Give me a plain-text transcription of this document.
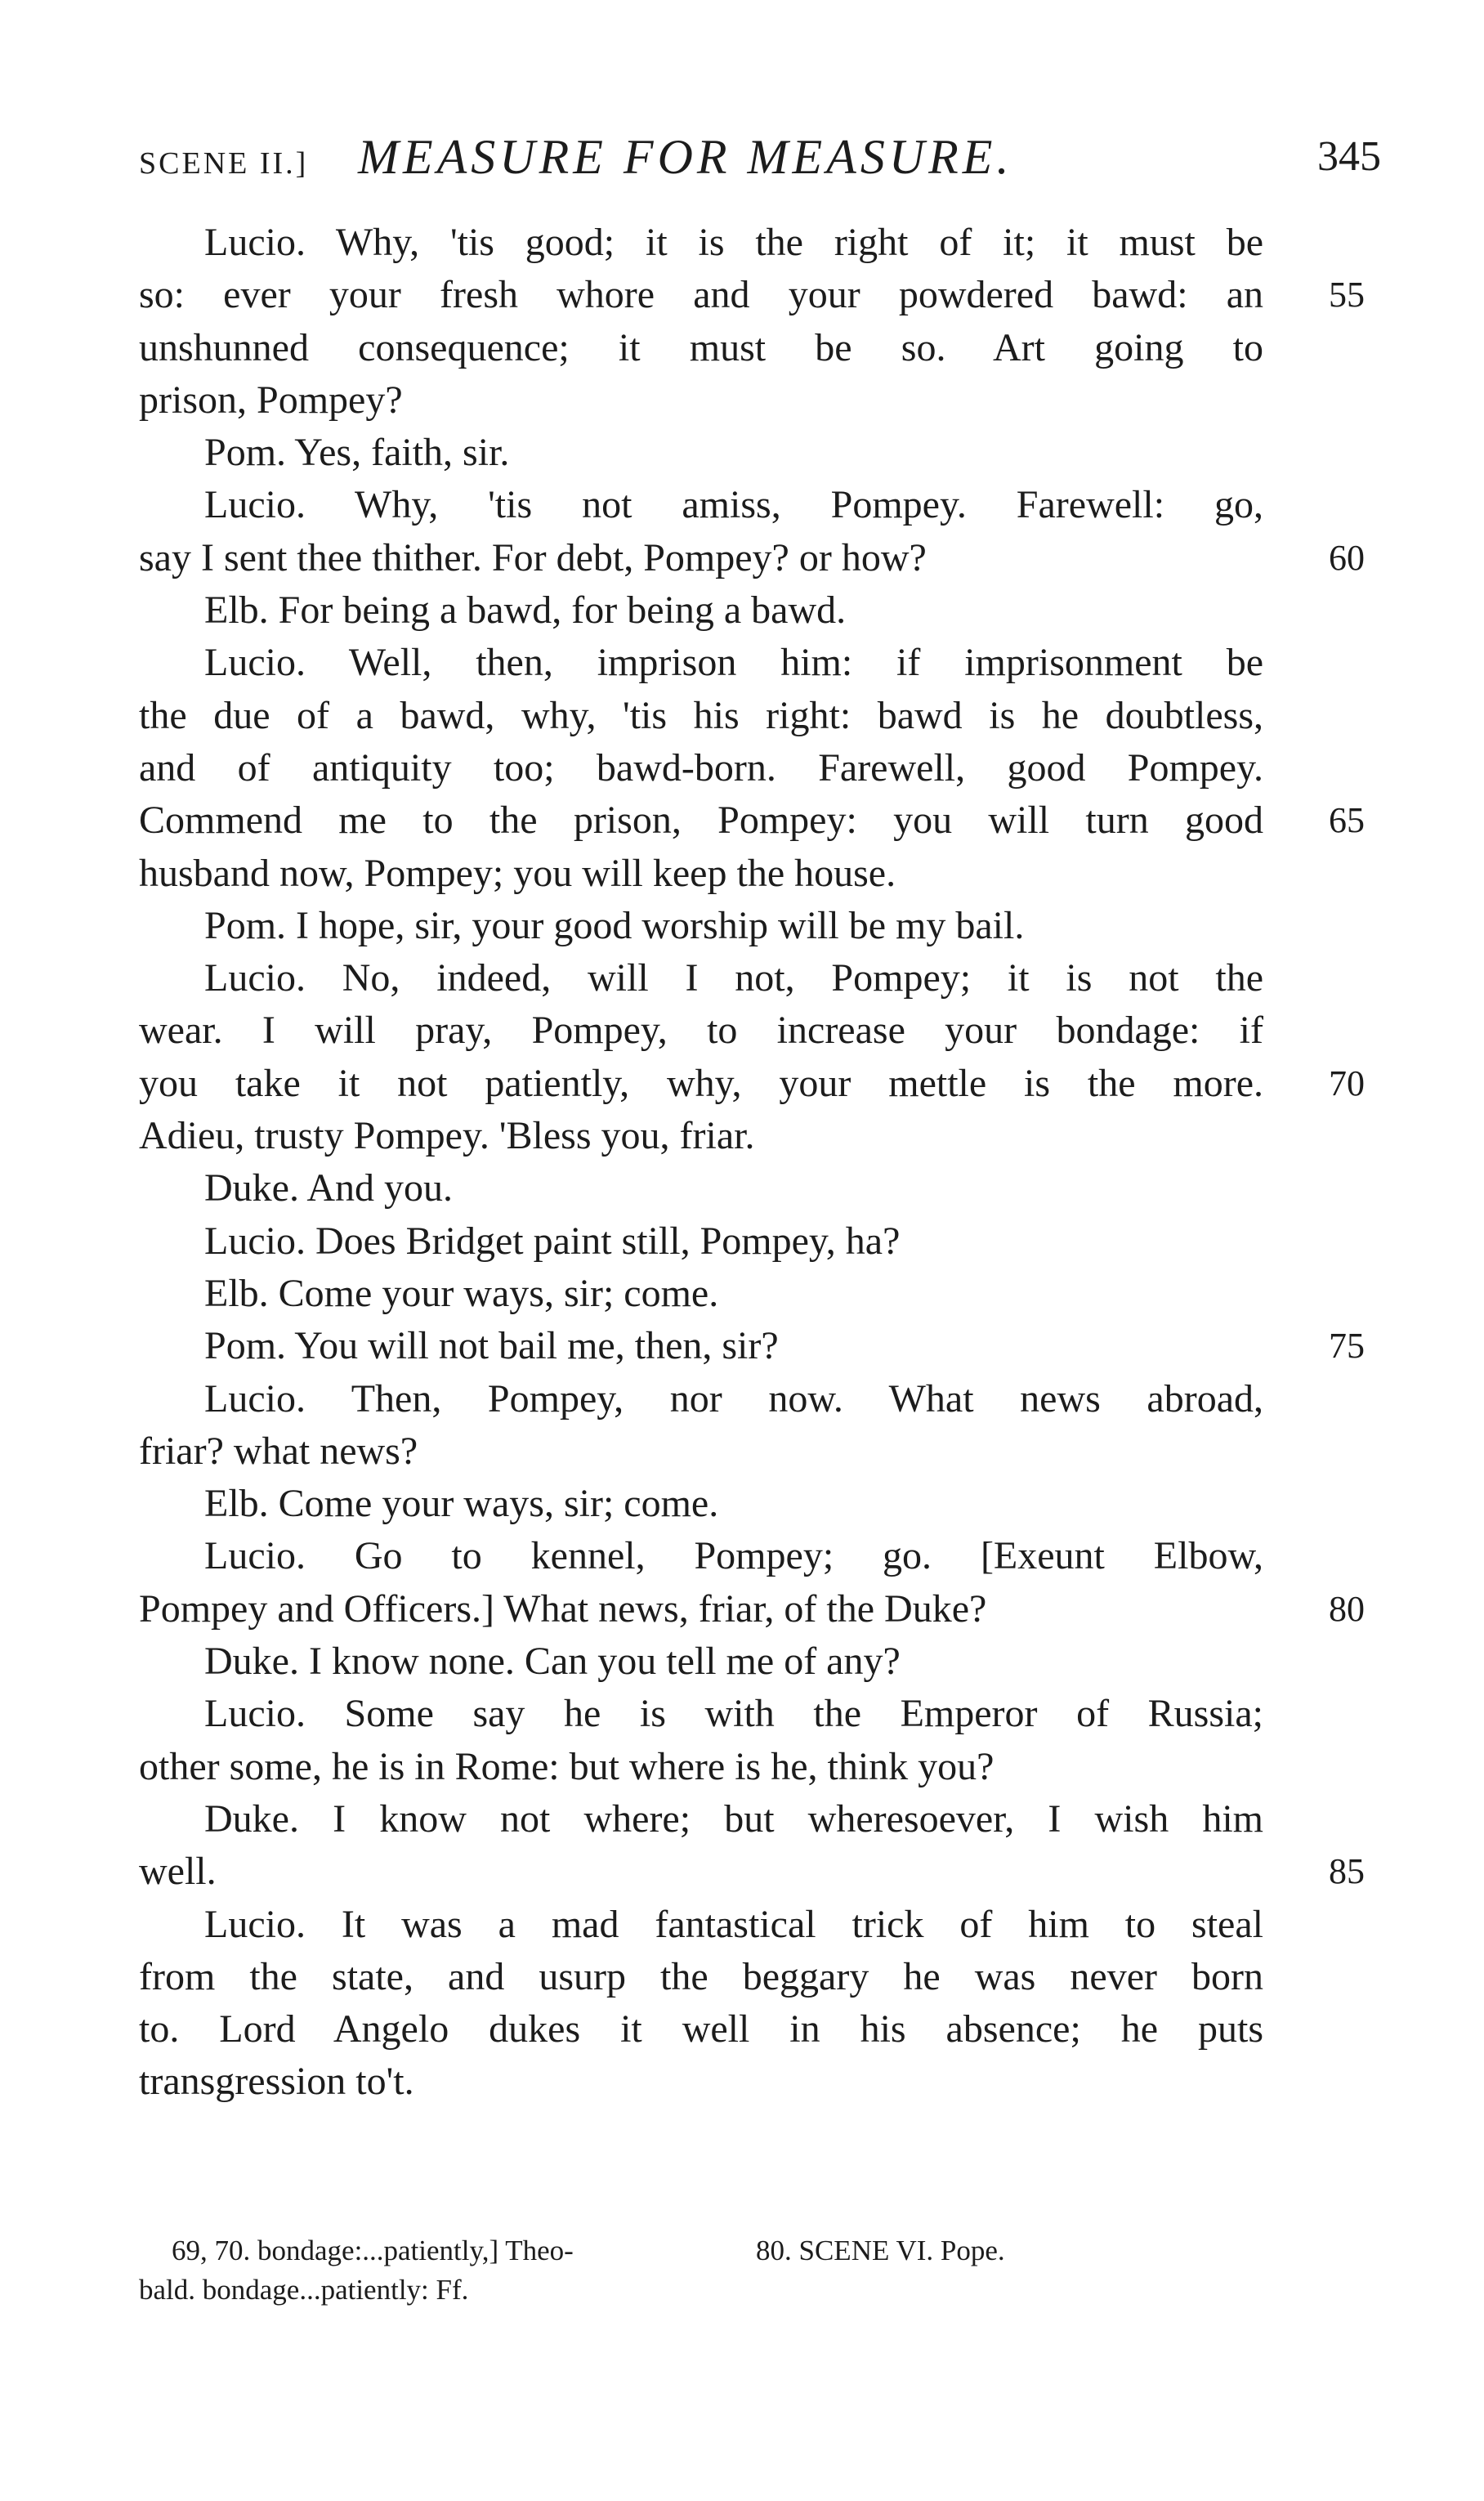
SCENE II.] MEASURE FOR MEASURE.	345
Lucio. Why, 'tis good; it is the right of it; it must be
so: ever your fresh whore and your powdered bawd: an	55
unshunned consequence; it must be so. Art going to
prison, Pompey?
Pom. Yes, faith, sir.
Lucio. Why, 'tis not amiss, Pompey. Farewell: go,
say I sent thee thither. For debt, Pompey? or how?	60
Elb. For being a bawd, for being a bawd.
Lucio. Well, then, imprison him: if imprisonment be
the due of a bawd, why, 'tis his right: bawd is he doubtless,
and of antiquity too; bawd-born. Farewell, good Pompey.
Commend me to the prison, Pompey: you will turn good	65
husband now, Pompey; you will keep the house.
Pom. I hope, sir, your good worship will be my bail.
Lucio. No, indeed, will I not, Pompey; it is not the
wear. I will pray, Pompey, to increase your bondage: if
you take it not patiently, why, your mettle is the more.	70
Adieu, trusty Pompey. 'Bless you, friar.
Duke. And you.
Lucio. Does Bridget paint still, Pompey, ha?
Elb. Come your ways, sir; come.
Pom. You will not bail me, then, sir?	75
Lucio. Then, Pompey, nor now. What news abroad,
friar? what news?
Elb. Come your ways, sir; come.
Lucio. Go to kennel, Pompey; go. [Exeunt Elbow,
Pompey and Officers.] What news, friar, of the Duke?	80
Duke. I know none. Can you tell me of any?
Lucio. Some say he is with the Emperor of Russia;
other some, he is in Rome: but where is he, think you?
Duke. I know not where; but wheresoever, I wish him
well.	85
Lucio. It was a mad fantastical trick of him to steal
from the state, and usurp the beggary he was never born
to. Lord Angelo dukes it well in his absence; he puts
transgression to't.
69, 70. bondage:...patiently,] Theo-
bald. bondage...patiently: Ff.
80. SCENE VI. Pope.
